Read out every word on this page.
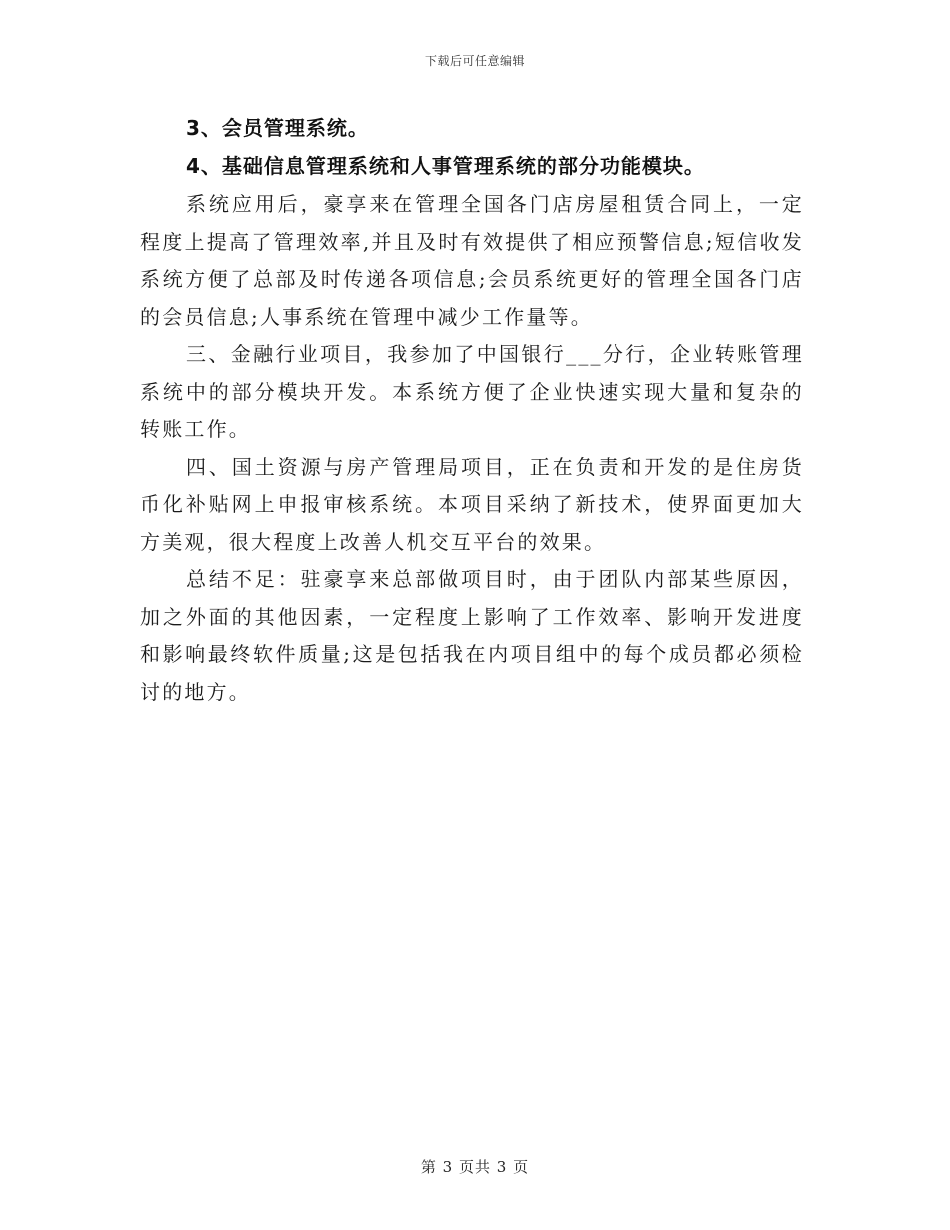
下载后可任意编辑

3、会员管理系统。

4、基础信息管理系统和人事管理系统的部分功能模块。

系统应用后，豪享来在管理全国各门店房屋租赁合同上，一定程度上提高了管理效率,并且及时有效提供了相应预警信息;短信收发系统方便了总部及时传递各项信息;会员系统更好的管理全国各门店的会员信息;人事系统在管理中减少工作量等。

三、金融行业项目，我参加了中国银行___分行，企业转账管理系统中的部分模块开发。本系统方便了企业快速实现大量和复杂的转账工作。

四、国土资源与房产管理局项目，正在负责和开发的是住房货币化补贴网上申报审核系统。本项目采纳了新技术，使界面更加大方美观，很大程度上改善人机交互平台的效果。

总结不足：驻豪享来总部做项目时，由于团队内部某些原因，加之外面的其他因素，一定程度上影响了工作效率、影响开发进度和影响最终软件质量;这是包括我在内项目组中的每个成员都必须检讨的地方。

第 3 页共 3 页
